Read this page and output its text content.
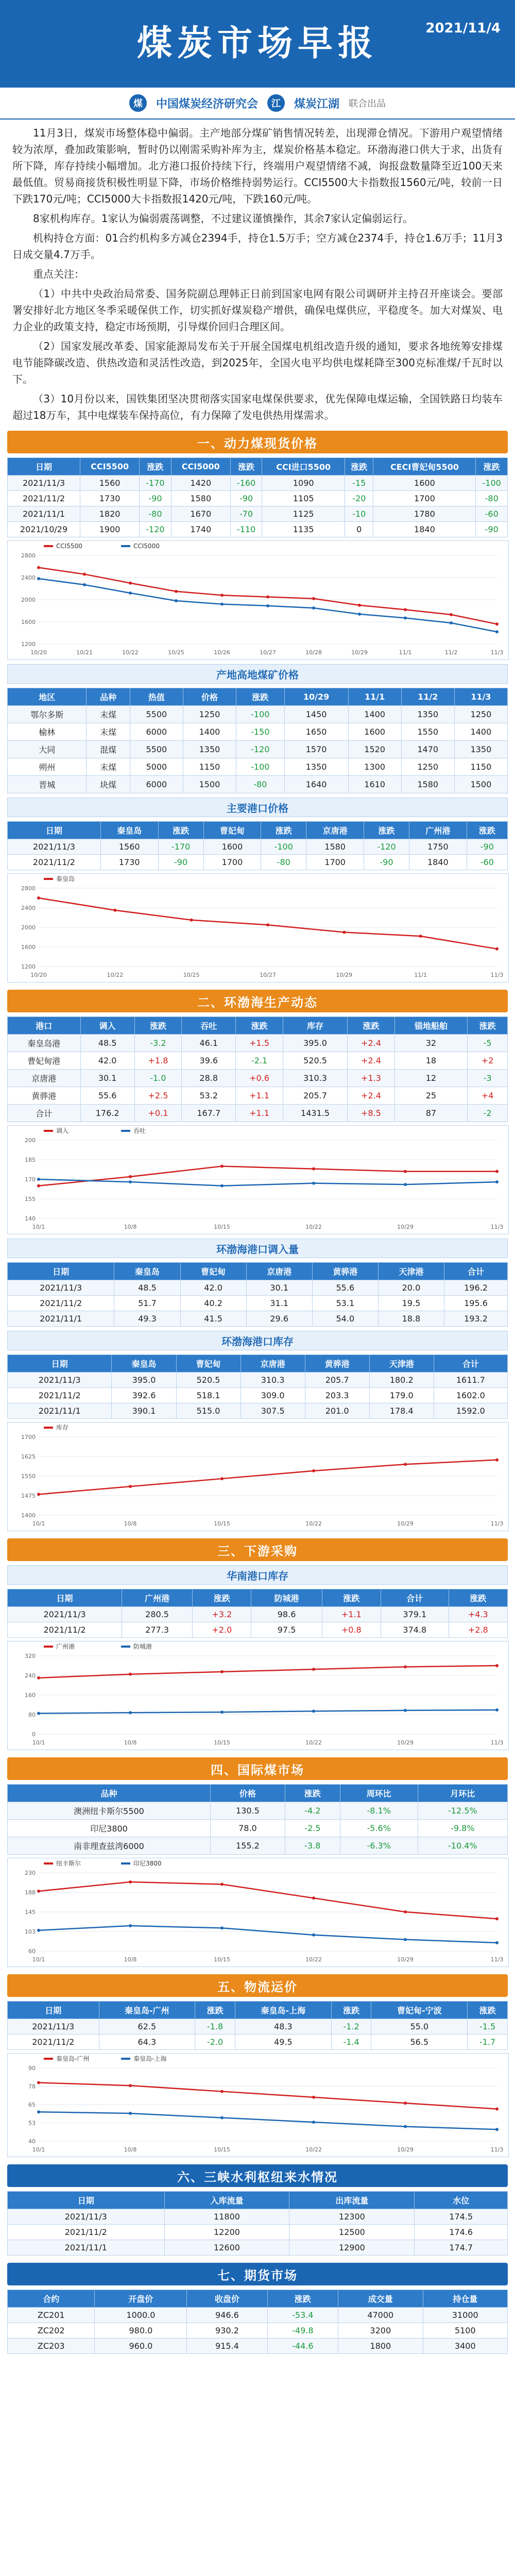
煤炭市场早报	2021/11/4
煤	中国煤炭经济研究会	江	煤炭江湖 联合出品

11月3日，煤炭市场整体稳中偏弱。主产地部分煤矿销售情况转差，出现滞仓情况。下游用户观望情绪较为浓厚，叠加政策影响，暂时仍以刚需采购补库为主，煤炭价格基本稳定。环渤海港口供大于求，出货有所下降，库存持续小幅增加。北方港口报价持续下行，终端用户观望情绪不减，询报盘数量降至近100天来最低值。贸易商接货积极性明显下降，市场价格维持弱势运行。CCI5500大卡指数报1560元/吨，较前一日下跌170元/吨；CCI5000大卡指数报1420元/吨，下跌160元/吨。

8家机构库存。1家认为偏弱震荡调整，不过建议谨慎操作，其余7家认定偏弱运行。

机构持仓方面：01合约机构多方减仓2394手，持仓1.5万手；空方减仓2374手，持仓1.6万手；11月3日成交量4.7万手。

重点关注：

（1）中共中央政治局常委、国务院副总理韩正日前到国家电网有限公司调研并主持召开座谈会。要部署安排好北方地区冬季采暖保供工作，切实抓好煤炭稳产增供，确保电煤供应，平稳度冬。加大对煤炭、电力企业的政策支持，稳定市场预期，引导煤价回归合理区间。

（2）国家发展改革委、国家能源局发布关于开展全国煤电机组改造升级的通知，要求各地统筹安排煤电节能降碳改造、供热改造和灵活性改造，到2025年，全国火电平均供电煤耗降至300克标准煤/千瓦时以下。

（3）10月份以来，国铁集团坚决贯彻落实国家电煤保供要求，优先保障电煤运输，全国铁路日均装车超过18万车，其中电煤装车保持高位，有力保障了发电供热用煤需求。

一、动力煤现货价格
日期	CCI5500	涨跌	CCI5000	涨跌	CCI进口5500	涨跌	CECI曹妃甸5500	涨跌
2021/11/3	1560	-170	1420	-160	1090	-15	1600	-100
2021/11/2	1730	-90	1580	-90	1105	-20	1700	-80
2021/11/1	1820	-80	1670	-70	1125	-10	1780	-60
2021/10/29	1900	-120	1740	-110	1135	0	1840	-90
1200
1600
2000
2400
2800
10/20	10/21	10/22	10/25	10/26	10/27	10/28	10/29	11/1	11/2	11/3
CCI5500	CCI5000
产地高地煤矿价格
地区	品种	热值	价格	涨跌	10/29	11/1	11/2	11/3
鄂尔多斯	末煤	5500	1250	-100	1450	1400	1350	1250
榆林	末煤	6000	1400	-150	1650	1600	1550	1400
大同	混煤	5500	1350	-120	1570	1520	1470	1350
朔州	末煤	5000	1150	-100	1350	1300	1250	1150
晋城	块煤	6000	1500	-80	1640	1610	1580	1500
主要港口价格
日期	秦皇岛	涨跌	曹妃甸	涨跌	京唐港	涨跌	广州港	涨跌
2021/11/3	1560	-170	1600	-100	1580	-120	1750	-90
2021/11/2	1730	-90	1700	-80	1700	-90	1840	-60
1200
1600
2000
2400
2800
10/20	10/22	10/25	10/27	10/29	11/1	11/3
秦皇岛
二、环渤海生产动态
港口	调入	涨跌	吞吐	涨跌	库存	涨跌	锚地船舶	涨跌
秦皇岛港	48.5	-3.2	46.1	+1.5	395.0	+2.4	32	-5
曹妃甸港	42.0	+1.8	39.6	-2.1	520.5	+2.4	18	+2
京唐港	30.1	-1.0	28.8	+0.6	310.3	+1.3	12	-3
黄骅港	55.6	+2.5	53.2	+1.1	205.7	+2.4	25	+4
合计	176.2	+0.1	167.7	+1.1	1431.5	+8.5	87	-2
140
155
170
185
200
10/1	10/8	10/15	10/22	10/29	11/3
调入	吞吐
环渤海港口调入量
日期	秦皇岛	曹妃甸	京唐港	黄骅港	天津港	合计
2021/11/3	48.5	42.0	30.1	55.6	20.0	196.2
2021/11/2	51.7	40.2	31.1	53.1	19.5	195.6
2021/11/1	49.3	41.5	29.6	54.0	18.8	193.2
环渤海港口库存
日期	秦皇岛	曹妃甸	京唐港	黄骅港	天津港	合计
2021/11/3	395.0	520.5	310.3	205.7	180.2	1611.7
2021/11/2	392.6	518.1	309.0	203.3	179.0	1602.0
2021/11/1	390.1	515.0	307.5	201.0	178.4	1592.0
1400
1475
1550
1625
1700
10/1	10/8	10/15	10/22	10/29	11/3
库存
三、下游采购
华南港口库存
日期	广州港	涨跌	防城港	涨跌	合计	涨跌
2021/11/3	280.5	+3.2	98.6	+1.1	379.1	+4.3
2021/11/2	277.3	+2.0	97.5	+0.8	374.8	+2.8
0
80
160
240
320
10/1	10/8	10/15	10/22	10/29	11/3
广州港	防城港
四、国际煤市场
品种	价格	涨跌	周环比	月环比
澳洲纽卡斯尔5500	130.5	-4.2	-8.1%	-12.5%
印尼3800	78.0	-2.5	-5.6%	-9.8%
南非理查兹湾6000	155.2	-3.8	-6.3%	-10.4%
60
103
145
188
230
10/1	10/8	10/15	10/22	10/29	11/3
纽卡斯尔	印尼3800
五、物流运价
日期	秦皇岛-广州	涨跌	秦皇岛-上海	涨跌	曹妃甸-宁波	涨跌
2021/11/3	62.5	-1.8	48.3	-1.2	55.0	-1.5
2021/11/2	64.3	-2.0	49.5	-1.4	56.5	-1.7
40
53
65
78
90
10/1	10/8	10/15	10/22	10/29	11/3
秦皇岛-广州	秦皇岛-上海
六、三峡水利枢纽来水情况
日期	入库流量	出库流量	水位
2021/11/3	11800	12300	174.5
2021/11/2	12200	12500	174.6
2021/11/1	12600	12900	174.7
七、期货市场
合约	开盘价	收盘价	涨跌	成交量	持仓量
ZC201	1000.0	946.6	-53.4	47000	31000
ZC202	980.0	930.2	-49.8	3200	5100
ZC203	960.0	915.4	-44.6	1800	3400
